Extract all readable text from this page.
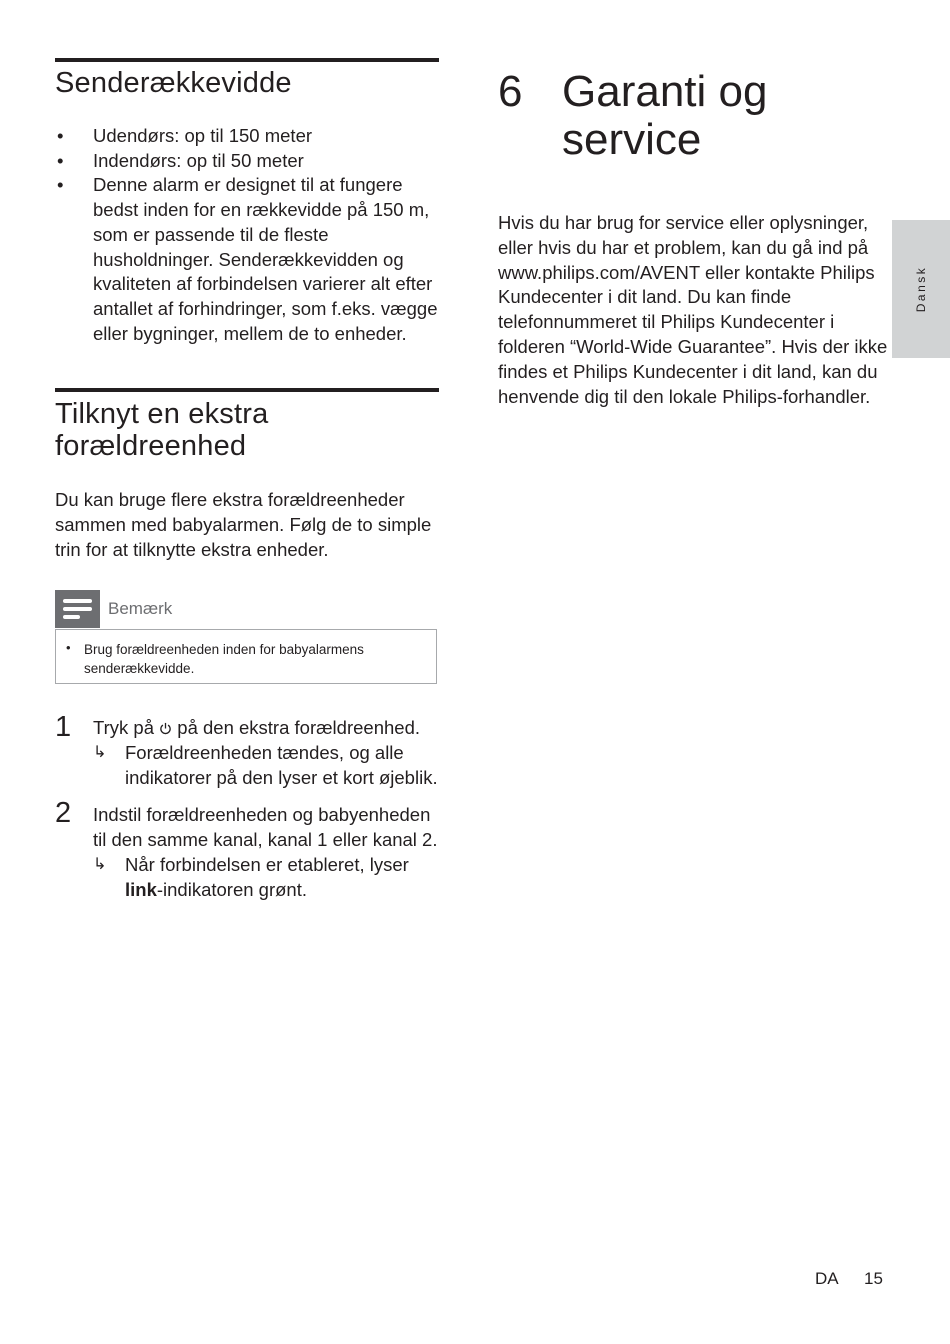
Senderækkevidde
• Udendørs: op til 150 meter
• Indendørs: op til 50 meter
• Denne alarm er designet til at fungere bedst inden for en rækkevidde på 150 m, som er passende til de fleste husholdninger. Senderækkevidden og kvaliteten af forbindelsen varierer alt efter antallet af forhindringer, som f.eks. vægge eller bygninger, mellem de to enheder.
Tilknyt en ekstra
forældreenhed

Du kan bruge flere ekstra forældreenheder sammen med babyalarmen. Følg de to simple trin for at tilknytte ekstra enheder.

Bemærk
• Brug forældreenheden inden for babyalarmens senderækkevidde.
1 Tryk på  på den ekstra forældreenhed.

↳ Forældreenheden tændes, og alle indikatorer på den lyser et kort øjeblik.

2 Indstil forældreenheden og babyenheden til den samme kanal, kanal 1 eller kanal 2.

↳ Når forbindelsen er etableret, lyser link-indikatoren grønt.

6 Garanti og service

Hvis du har brug for service eller oplysninger, eller hvis du har et problem, kan du gå ind på www.philips.com/AVENT eller kontakte Philips Kundecenter i dit land. Du kan finde telefonnummeret til Philips Kundecenter i folderen “World-Wide Guarantee”. Hvis der ikke findes et Philips Kundecenter i dit land, kan du henvende dig til den lokale Philips-forhandler.

Dansk
DA 15
